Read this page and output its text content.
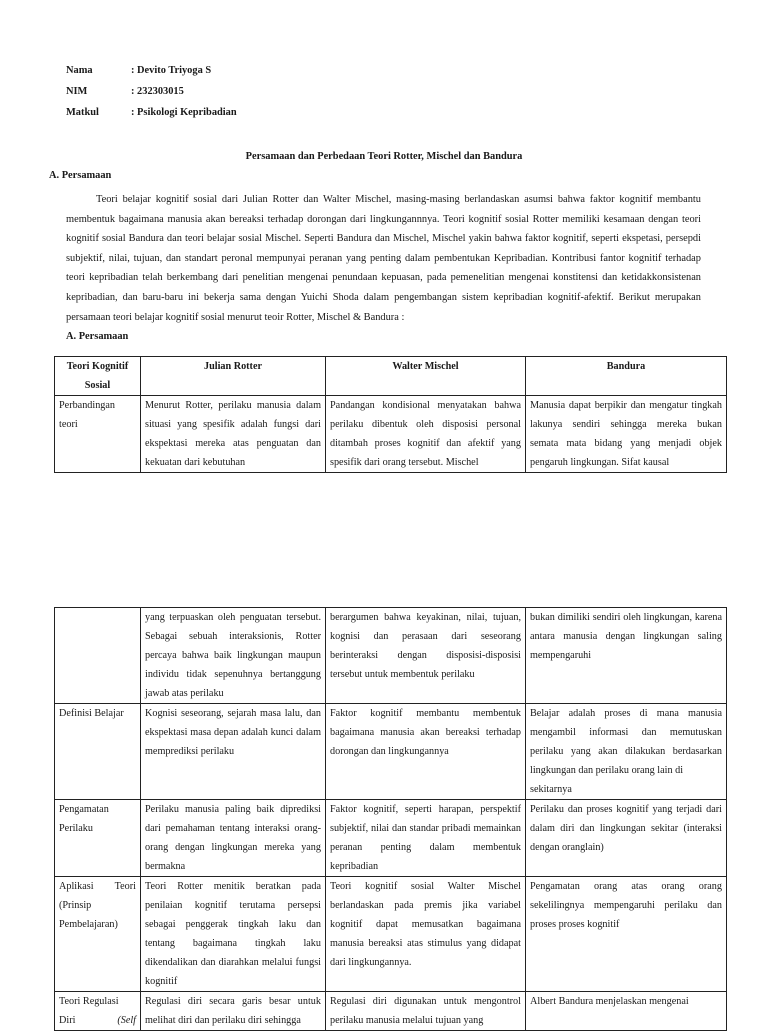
Nama	: Devito Triyoga S
NIM	: 232303015
Matkul	: Psikologi Kepribadian
Persamaan dan Perbedaan Teori Rotter, Mischel dan Bandura
A. Persamaan

Teori belajar kognitif sosial dari Julian Rotter dan Walter Mischel, masing-masing berlandaskan asumsi bahwa faktor kognitif membantu membentuk bagaimana manusia akan bereaksi terhadap dorongan dari lingkungannnya. Teori kognitif sosial Rotter memiliki kesamaan dengan teori kognitif sosial Bandura dan teori belajar sosial Mischel. Seperti Bandura dan Mischel, Mischel yakin bahwa faktor kognitif, seperti ekspetasi, persepdi subjektif, nilai, tujuan, dan standart peronal mempunyai peranan yang penting dalam pembentukan Kepribadian. Kontribusi fantor kognitif terhadap teori kepribadian telah berkembang dari penelitian mengenai penundaan kepuasan, pada pemenelitian mengenai konstitensi dan ketidakkonsistenan kepribadian, dan baru-baru ini bekerja sama dengan Yuichi Shoda dalam pengembangan sistem kepribadian kognitif-afektif. Berikut merupakan persamaan teori belajar kognitif sosial menurut teoir Rotter, Mischel & Bandura :

A. Persamaan
Teori Kognitif Sosial	Julian Rotter	Walter Mischel	Bandura
Perbandingan teori	Menurut Rotter, perilaku manusia dalam situasi yang spesifik adalah fungsi dari ekspektasi mereka atas penguatan dan kekuatan dari kebutuhan	Pandangan kondisional menyatakan bahwa perilaku dibentuk oleh disposisi personal ditambah proses kognitif dan afektif yang spesifik dari orang tersebut. Mischel	Manusia dapat berpikir dan mengatur tingkah lakunya sendiri sehingga mereka bukan semata mata bidang yang menjadi objek pengaruh lingkungan. Sifat kausal
	yang terpuaskan oleh penguatan tersebut. Sebagai sebuah interaksionis, Rotter percaya bahwa baik lingkungan maupun individu tidak sepenuhnya bertanggung jawab atas perilaku	berargumen bahwa keyakinan, nilai, tujuan, kognisi dan perasaan dari seseorang berinteraksi dengan disposisi-disposisi tersebut untuk membentuk perilaku	bukan dimiliki sendiri oleh lingkungan, karena antara manusia dengan lingkungan saling mempengaruhi
Definisi Belajar	Kognisi seseorang, sejarah masa lalu, dan ekspektasi masa depan adalah kunci dalam memprediksi perilaku	Faktor kognitif membantu membentuk bagaimana manusia akan bereaksi terhadap dorongan dan lingkungannya	Belajar adalah proses di mana manusia mengambil informasi dan memutuskan perilaku yang akan dilakukan berdasarkan lingkungan dan perilaku orang lain di
sekitarnya
Pengamatan Perilaku	Perilaku manusia paling baik diprediksi dari pemahaman tentang interaksi orang-orang dengan lingkungan mereka yang bermakna	Faktor kognitif, seperti harapan, perspektif subjektif, nilai dan standar pribadi memainkan peranan penting dalam membentuk kepribadian	Perilaku dan proses kognitif yang terjadi dari dalam diri dan lingkungan sekitar (interaksi dengan oranglain)
Aplikasi Teori (Prinsip Pembelajaran)	Teori Rotter menitik beratkan pada penilaian kognitif terutama persepsi sebagai penggerak tingkah laku dan tentang bagaimana tingkah laku dikendalikan dan diarahkan melalui fungsi kognitif	Teori kognitif sosial Walter Mischel berlandaskan pada premis jika variabel kognitif dapat memusatkan bagaimana manusia bereaksi atas stimulus yang didapat dari lingkungannya.	Pengamatan orang atas orang orang sekelilingnya mempengaruhi perilaku dan proses proses kognitif
Teori Regulasi
Diri (Self	Regulasi diri secara garis besar untuk melihat diri dan perilaku diri sehingga	Regulasi diri digunakan untuk mengontrol perilaku manusia melalui tujuan yang	Albert Bandura menjelaskan mengenai
